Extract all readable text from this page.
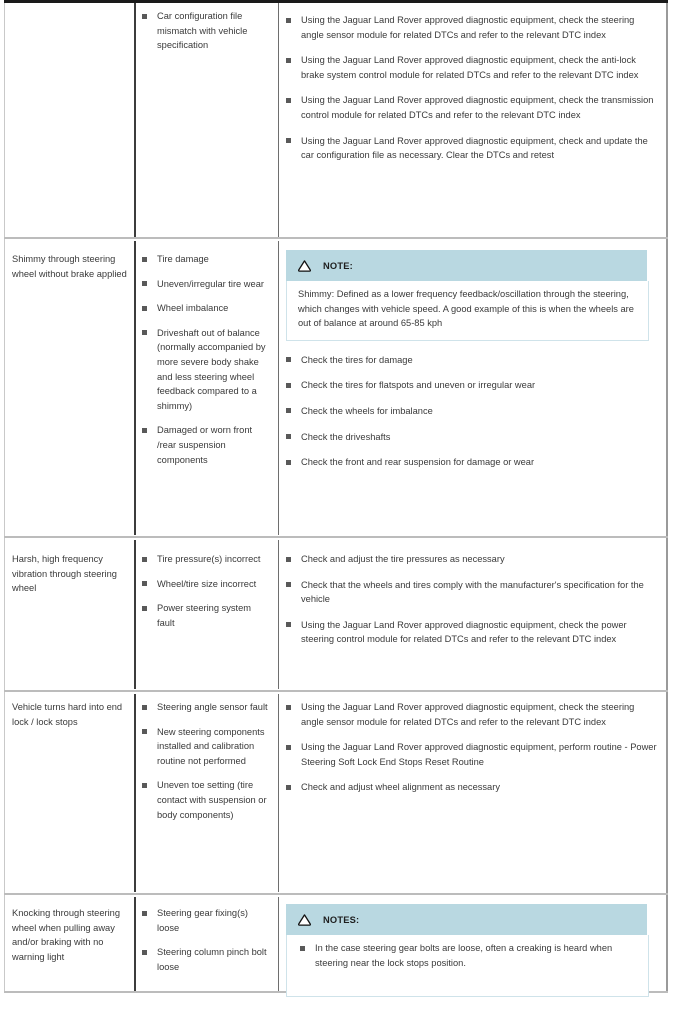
Car configuration file mismatch with vehicle specification
Using the Jaguar Land Rover approved diagnostic equipment, check the steering angle sensor module for related DTCs and refer to the relevant DTC index
Using the Jaguar Land Rover approved diagnostic equipment, check the anti-lock brake system control module for related DTCs and refer to the relevant DTC index
Using the Jaguar Land Rover approved diagnostic equipment, check the transmission control module for related DTCs and refer to the relevant DTC index
Using the Jaguar Land Rover approved diagnostic equipment, check and update the car configuration file as necessary. Clear the DTCs and retest
Shimmy through steering wheel without brake applied
Tire damage
Uneven/irregular tire wear
Wheel imbalance
Driveshaft out of balance (normally accompanied by more severe body shake and less steering wheel feedback compared to a shimmy)
Damaged or worn front /rear suspension components
NOTE:

Shimmy: Defined as a lower frequency feedback/oscillation through the steering, which changes with vehicle speed. A good example of this is when the wheels are out of balance at around 65-85 kph

Check the tires for damage
Check the tires for flatspots and uneven or irregular wear
Check the wheels for imbalance
Check the driveshafts
Check the front and rear suspension for damage or wear
Harsh, high frequency vibration through steering wheel
Tire pressure(s) incorrect
Wheel/tire size incorrect
Power steering system fault
Check and adjust the tire pressures as necessary
Check that the wheels and tires comply with the manufacturer's specification for the vehicle
Using the Jaguar Land Rover approved diagnostic equipment, check the power steering control module for related DTCs and refer to the relevant DTC index
Vehicle turns hard into end lock / lock stops
Steering angle sensor fault
New steering components installed and calibration routine not performed
Uneven toe setting (tire contact with suspension or body components)
Using the Jaguar Land Rover approved diagnostic equipment, check the steering angle sensor module for related DTCs and refer to the relevant DTC index
Using the Jaguar Land Rover approved diagnostic equipment, perform routine - Power Steering Soft Lock End Stops Reset Routine
Check and adjust wheel alignment as necessary
Knocking through steering wheel when pulling away and/or braking with no warning light
Steering gear fixing(s) loose
Steering column pinch bolt loose
NOTES:
In the case steering gear bolts are loose, often a creaking is heard when steering near the lock stops position.
